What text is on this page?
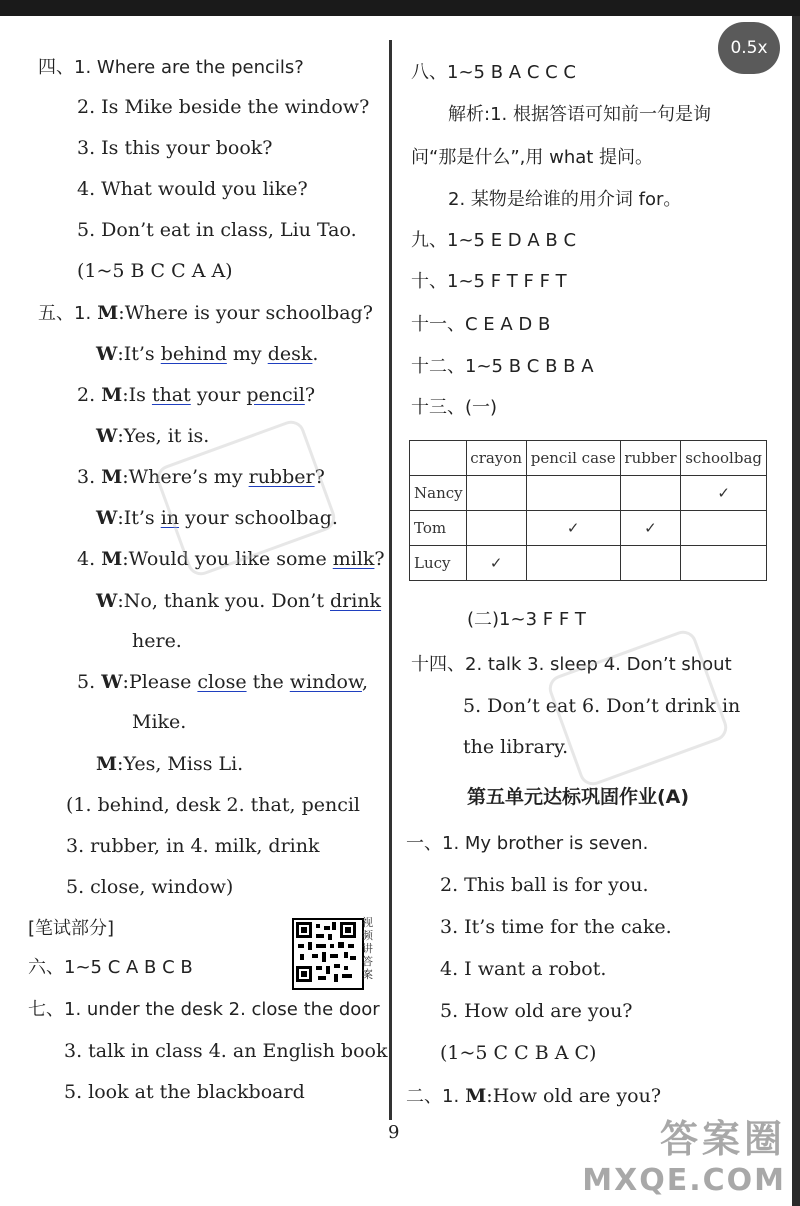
0.5x
四、1. Where are the pencils?
2. Is Mike beside the window?
3. Is this your book?
4. What would you like?
5. Don’t eat in class, Liu Tao.
(1~5 B C C A A)
五、1. M:Where is your schoolbag?
W:It’s behind my desk.
2. M:Is that your pencil?
W:Yes, it is.
3. M:Where’s my rubber?
W:It’s in your schoolbag.
4. M:Would you like some milk?
W:No, thank you. Don’t drink
here.
5. W:Please close the window,
Mike.
M:Yes, Miss Li.
(1. behind, desk 2. that, pencil
3. rubber, in 4. milk, drink
5. close, window)
[笔试部分]	视频讲答案
六、1~5 C A B C B
七、1. under the desk 2. close the door
3. talk in class 4. an English book
5. look at the blackboard
八、1~5 B A C C C
解析:1. 根据答语可知前一句是询
问“那是什么”,用 what 提问。
2. 某物是给谁的用介词 for。
九、1~5 E D A B C
十、1~5 F T F F T
十一、C E A D B
十二、1~5 B C B B A
十三、(一)
	crayon	pencil case	rubber	schoolbag
Nancy				✓
Tom		✓	✓	
Lucy	✓			
(二)1~3 F F T
十四、2. talk 3. sleep 4. Don’t shout
5. Don’t eat 6. Don’t drink in
the library.
第五单元达标巩固作业(A)
一、1. My brother is seven.
2. This ball is for you.
3. It’s time for the cake.
4. I want a robot.
5. How old are you?
(1~5 C C B A C)
二、1. M:How old are you?
9	答案圈
MXQE.COM
